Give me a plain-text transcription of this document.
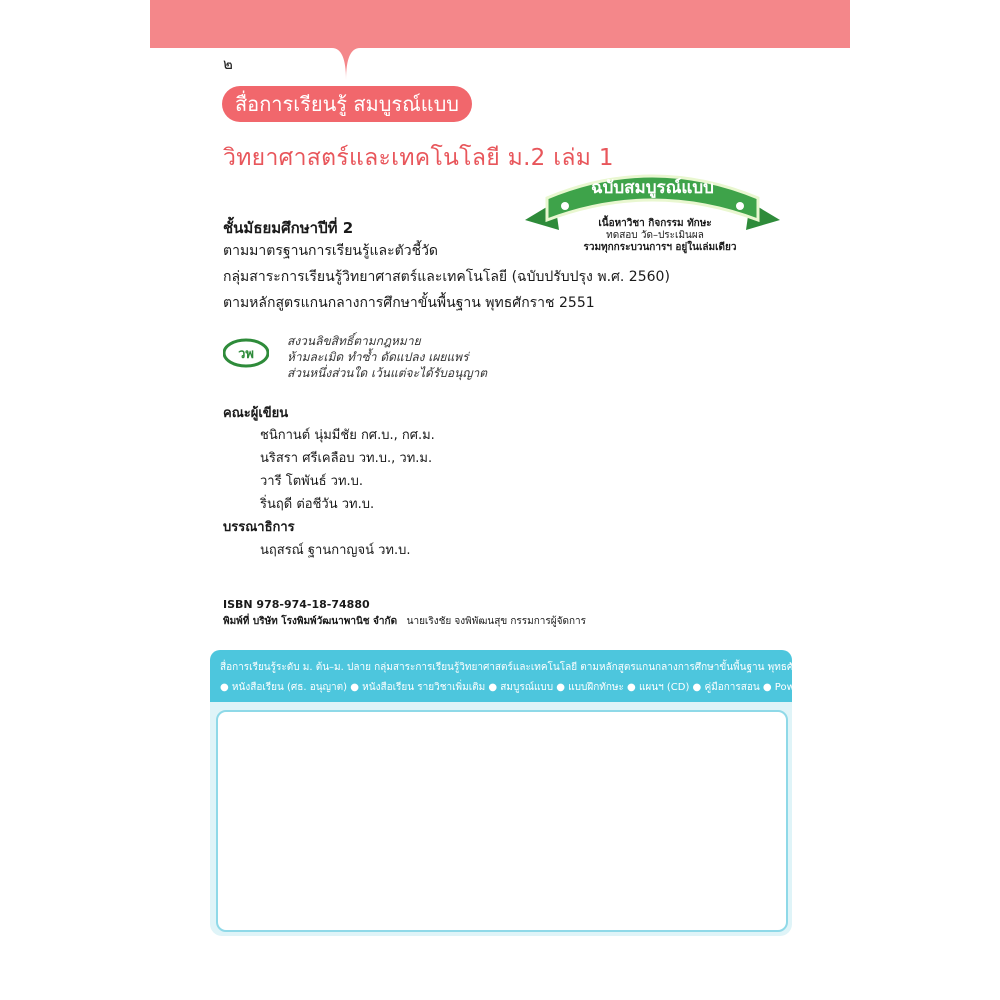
๒
สื่อการเรียนรู้ สมบูรณ์แบบ
วิทยาศาสตร์และเทคโนโลยี ม.2 เล่ม 1
ฉบับสมบูรณ์แบบ
เนื้อหาวิชา กิจกรรม ทักษะ
ทดสอบ วัด–ประเมินผล
รวมทุกกระบวนการฯ อยู่ในเล่มเดียว
ชั้นมัธยมศึกษาปีที่ 2
ตามมาตรฐานการเรียนรู้และตัวชี้วัด
กลุ่มสาระการเรียนรู้วิทยาศาสตร์และเทคโนโลยี (ฉบับปรับปรุง พ.ศ. 2560)
ตามหลักสูตรแกนกลางการศึกษาขั้นพื้นฐาน พุทธศักราช 2551
วพ
สงวนลิขสิทธิ์ตามกฎหมาย
ห้ามละเมิด ทำซ้ำ ดัดแปลง เผยแพร่
ส่วนหนึ่งส่วนใด เว้นแต่จะได้รับอนุญาต
คณะผู้เขียน
ชนิกานต์ นุ่มมีชัย กศ.บ., กศ.ม.
นริสรา ศรีเคลือบ วท.บ., วท.ม.
วารี โตพันธ์ วท.บ.
ริ่นฤดี ต่อชีวัน วท.บ.
บรรณาธิการ
นฤสรณ์ ฐานกาญจน์ วท.บ.
ISBN 978-974-18-74880
พิมพ์ที่ บริษัท โรงพิมพ์วัฒนาพานิช จำกัด นายเริงชัย จงพิพัฒนสุข กรรมการผู้จัดการ
สื่อการเรียนรู้ระดับ ม. ต้น–ม. ปลาย กลุ่มสาระการเรียนรู้วิทยาศาสตร์และเทคโนโลยี ตามหลักสูตรแกนกลางการศึกษาขั้นพื้นฐาน พุทธศักราช 2551
● หนังสือเรียน (ศธ. อนุญาต) ● หนังสือเรียน รายวิชาเพิ่มเติม ● สมบูรณ์แบบ ● แบบฝึกทักษะ ● แผนฯ (CD) ● คู่มือการสอน ● PowerPoint
